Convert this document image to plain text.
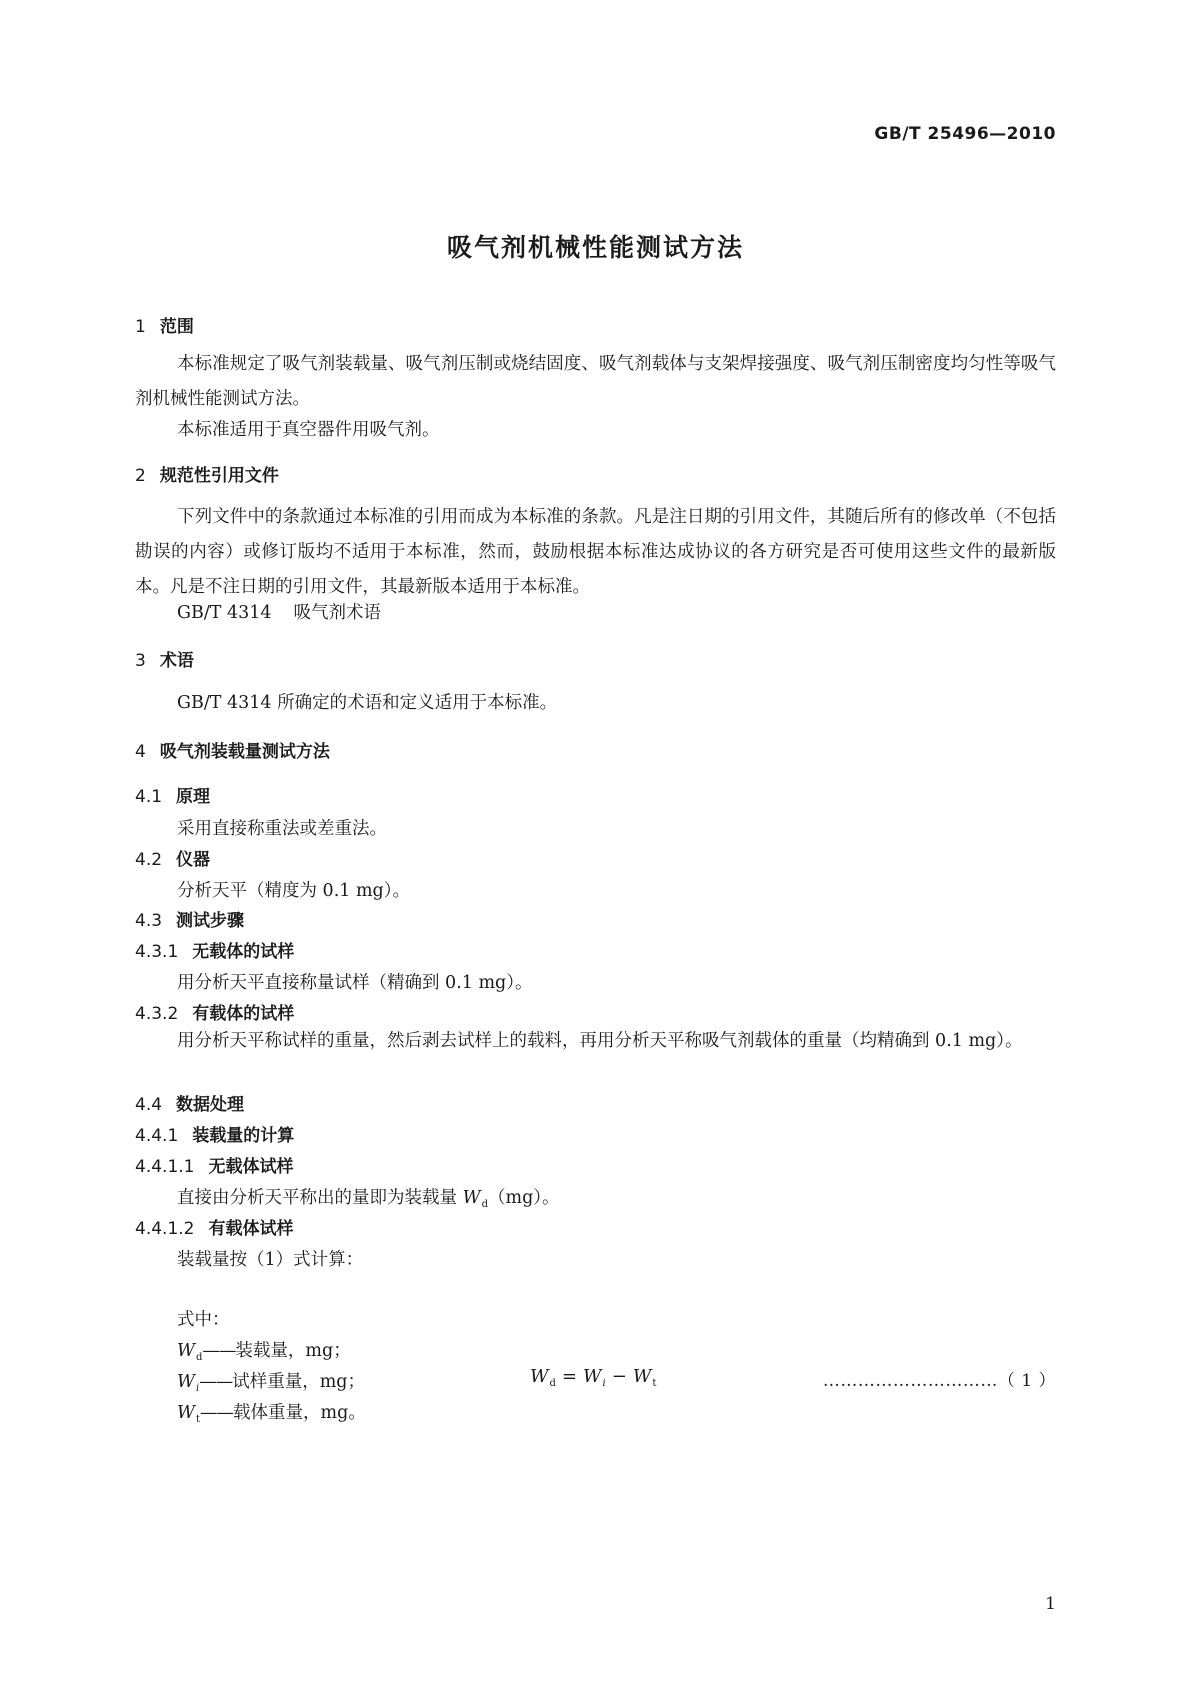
GB/T 25496—2010
吸气剂机械性能测试方法
1 范围
本标准规定了吸气剂装载量、吸气剂压制或烧结固度、吸气剂载体与支架焊接强度、吸气剂压制密度均匀性等吸气剂机械性能测试方法。
本标准适用于真空器件用吸气剂。
2 规范性引用文件
下列文件中的条款通过本标准的引用而成为本标准的条款。凡是注日期的引用文件，其随后所有的修改单（不包括勘误的内容）或修订版均不适用于本标准，然而，鼓励根据本标准达成协议的各方研究是否可使用这些文件的最新版本。凡是不注日期的引用文件，其最新版本适用于本标准。
GB/T 4314 吸气剂术语
3 术语
GB/T 4314 所确定的术语和定义适用于本标准。
4 吸气剂装载量测试方法
4.1 原理
采用直接称重法或差重法。
4.2 仪器
分析天平（精度为 0.1 mg）。
4.3 测试步骤
4.3.1 无载体的试样
用分析天平直接称量试样（精确到 0.1 mg）。
4.3.2 有载体的试样
用分析天平称试样的重量，然后剥去试样上的载料，再用分析天平称吸气剂载体的重量（均精确到 0.1 mg）。
4.4 数据处理
4.4.1 装载量的计算
4.4.1.1 无载体试样
直接由分析天平称出的量即为装载量 $W_d(mg)$。
4.4.1.2 有载体试样
装载量按（1）式计算：
$W_d = W_i - W_t$	…………………………（ 1 ）
式中：
$W_d——$装载量，mg；
$W_i——$试样重量，mg；
$W_t——$载体重量，mg。
1
